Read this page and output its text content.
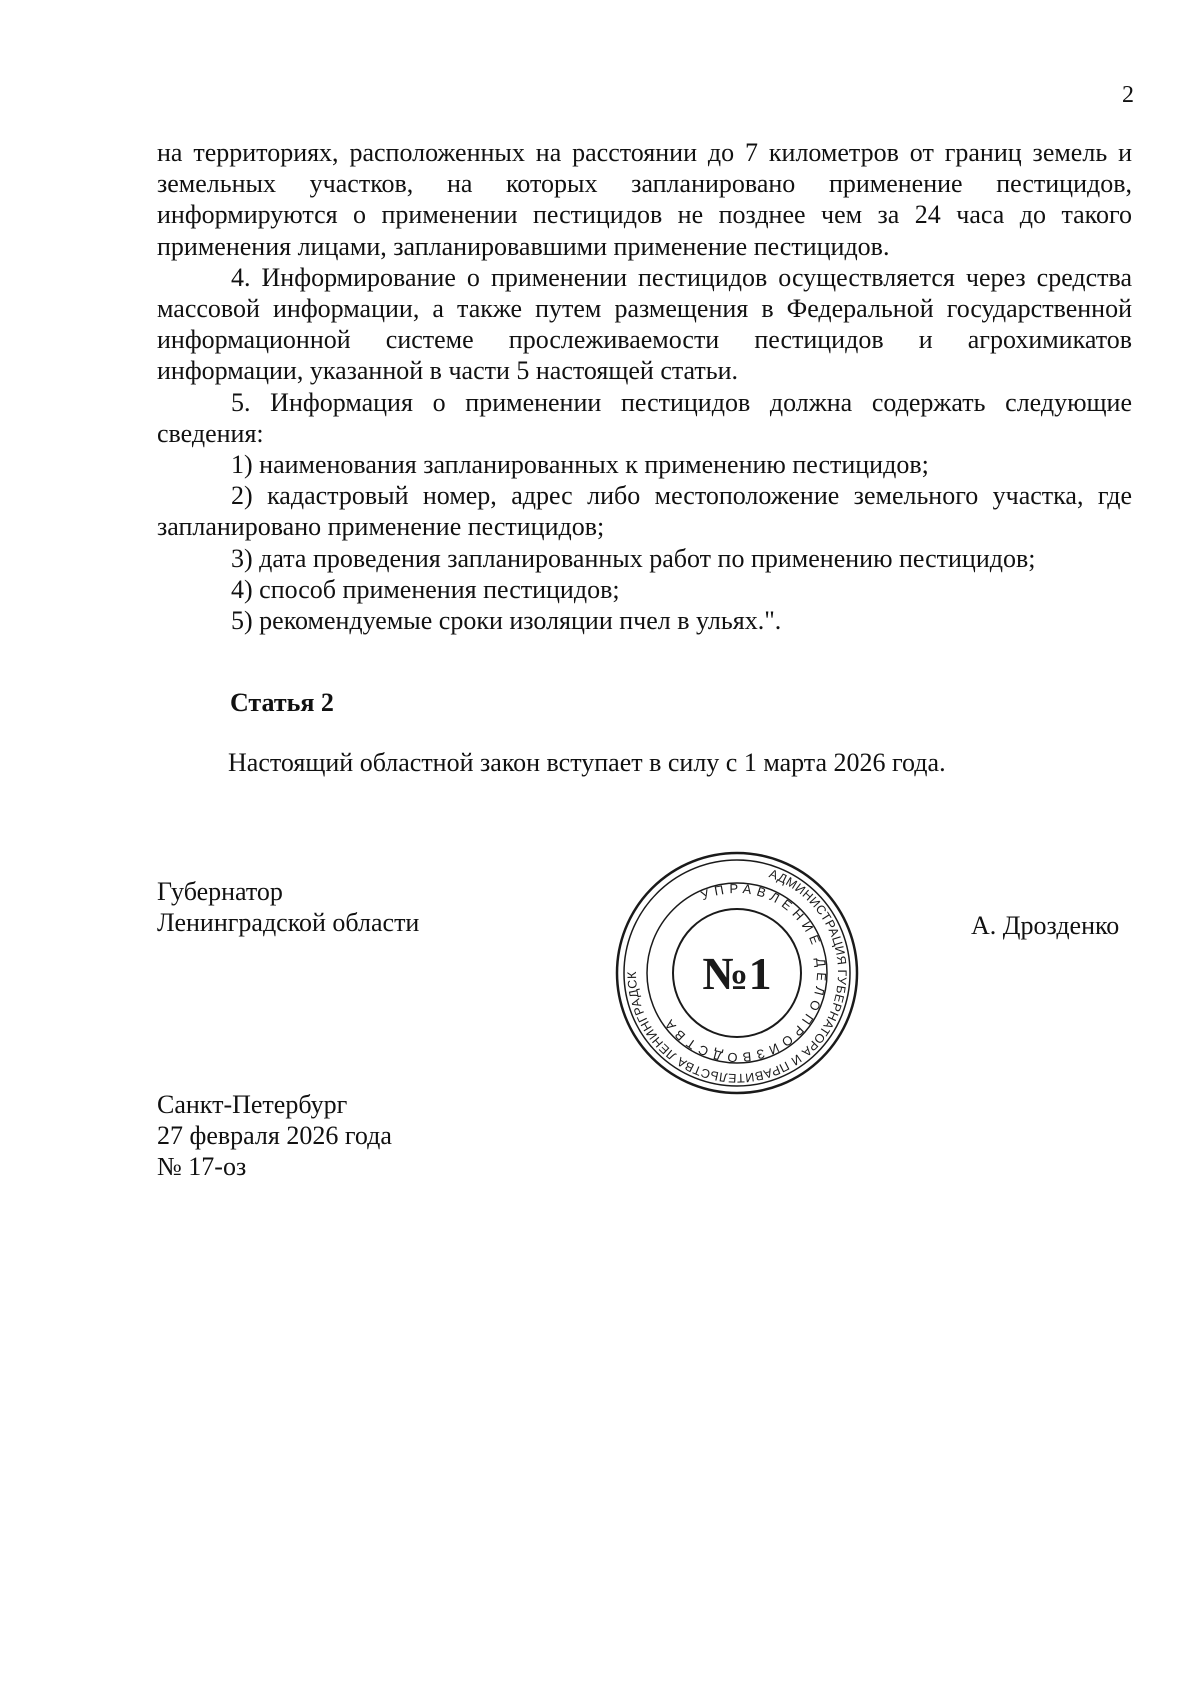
2

на территориях, расположенных на расстоянии до 7 километров от границ земель и земельных участков, на которых запланировано применение пестицидов, информируются о применении пестицидов не позднее чем за 24 часа до такого применения лицами, запланировавшими применение пестицидов.

4. Информирование о применении пестицидов осуществляется через средства массовой информации, а также путем размещения в Федеральной государственной информационной системе прослеживаемости пестицидов и агрохимикатов информации, указанной в части 5 настоящей статьи.

5. Информация о применении пестицидов должна содержать следующие сведения:

1) наименования запланированных к применению пестицидов;

2) кадастровый номер, адрес либо местоположение земельного участка, где запланировано применение пестицидов;

3) дата проведения запланированных работ по применению пестицидов;

4) способ применения пестицидов;

5) рекомендуемые сроки изоляции пчел в ульях.".

Статья 2
Настоящий областной закон вступает в силу с 1 марта 2026 года.
Губернатор
Ленинградской области	А. Дрозденко
АДМИНИСТРАЦИЯ ГУБЕРНАТОРА И ПРАВИТЕЛЬСТВА ЛЕНИНГРАДСК
УПРАВЛЕНИЕ ДЕЛОПРОИЗВОДСТВА
№1
Санкт-Петербург
27 февраля 2026 года
№ 17-оз
